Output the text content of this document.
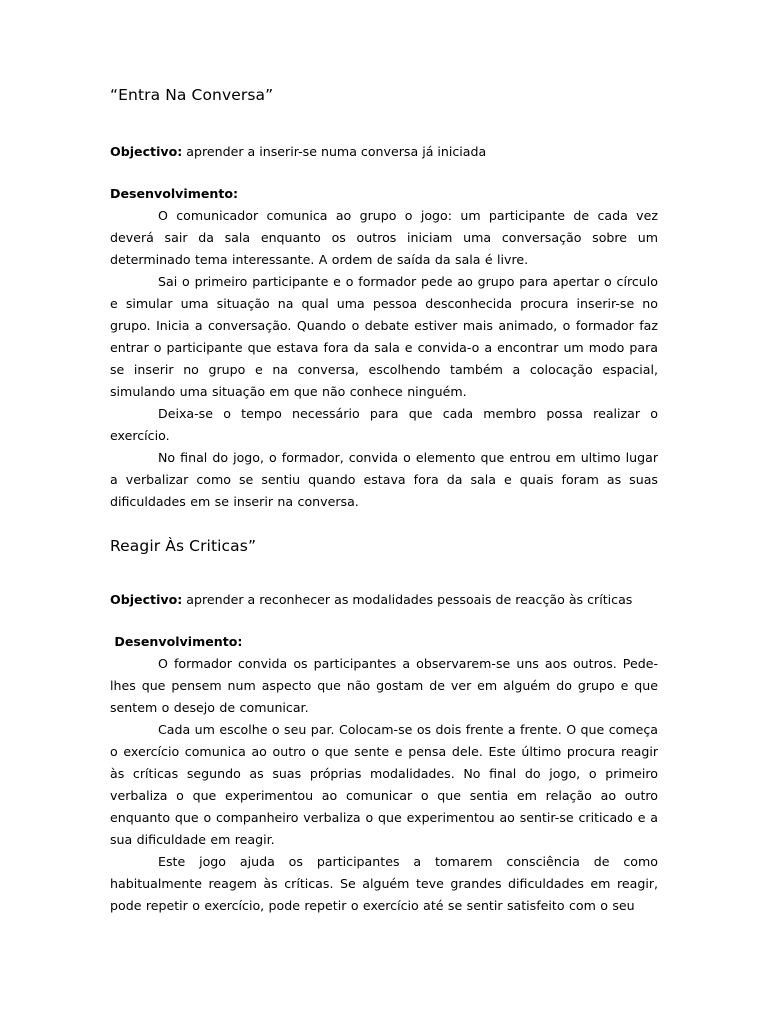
“Entra Na Conversa”

Objectivo: aprender a inserir-se numa conversa já iniciada

Desenvolvimento:

O comunicador comunica ao grupo o jogo: um participante de cada vez deverá sair da sala enquanto os outros iniciam uma conversação sobre um determinado tema interessante. A ordem de saída da sala é livre.

Sai o primeiro participante e o formador pede ao grupo para apertar o círculo e simular uma situação na qual uma pessoa desconhecida procura inserir-se no grupo. Inicia a conversação. Quando o debate estiver mais animado, o formador faz entrar o participante que estava fora da sala e convida-o a encontrar um modo para se inserir no grupo e na conversa, escolhendo também a colocação espacial, simulando uma situação em que não conhece ninguém.

Deixa-se o tempo necessário para que cada membro possa realizar o exercício.

No final do jogo, o formador, convida o elemento que entrou em ultimo lugar a verbalizar como se sentiu quando estava fora da sala e quais foram as suas dificuldades em se inserir na conversa.

Reagir Às Criticas”

Objectivo: aprender a reconhecer as modalidades pessoais de reacção às críticas

Desenvolvimento:

O formador convida os participantes a observarem-se uns aos outros. Pede-lhes que pensem num aspecto que não gostam de ver em alguém do grupo e que sentem o desejo de comunicar.

Cada um escolhe o seu par. Colocam-se os dois frente a frente. O que começa o exercício comunica ao outro o que sente e pensa dele. Este último procura reagir às críticas segundo as suas próprias modalidades. No final do jogo, o primeiro verbaliza o que experimentou ao comunicar o que sentia em relação ao outro enquanto que o companheiro verbaliza o que experimentou ao sentir-se criticado e a sua dificuldade em reagir.

Este jogo ajuda os participantes a tomarem consciência de como habitualmente reagem às críticas. Se alguém teve grandes dificuldades em reagir, pode repetir o exercício, pode repetir o exercício até se sentir satisfeito com o seu
